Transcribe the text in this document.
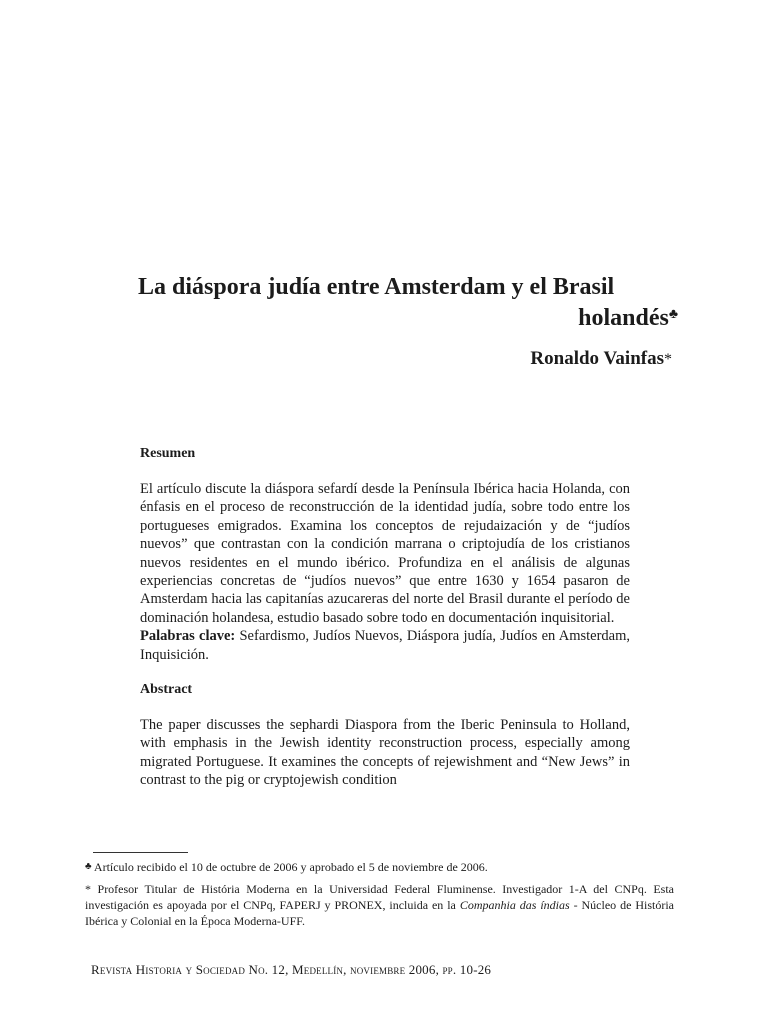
La diáspora judía entre Amsterdam y el Brasil
holandés♣
Ronaldo Vainfas*
Resumen

El artículo discute la diáspora sefardí desde la Península Ibérica hacia Holanda, con énfasis en el proceso de reconstrucción de la identidad judía, sobre todo entre los portugueses emigrados. Examina los conceptos de rejudaización y de “judíos nuevos” que contrastan con la condición marrana o criptojudía de los cristianos nuevos residentes en el mundo ibérico. Profundiza en el análisis de algunas experiencias concretas de “judíos nuevos” que entre 1630 y 1654 pasaron de Amsterdam hacia las capitanías azucareras del norte del Brasil durante el período de dominación holandesa, estudio basado sobre todo en documentación inquisitorial.

Palabras clave: Sefardismo, Judíos Nuevos, Diáspora judía, Judíos en Amsterdam, Inquisición.

Abstract

The paper discusses the sephardi Diaspora from the Iberic Peninsula to Holland, with emphasis in the Jewish identity reconstruction process, especially among migrated Portuguese. It examines the concepts of rejewishment and “New Jews” in contrast to the pig or cryptojewish condition

♣ Artículo recibido el 10 de octubre de 2006 y aprobado el 5 de noviembre de 2006.

* Profesor Titular de História Moderna en la Universidad Federal Fluminense. Investigador 1-A del CNPq. Esta investigación es apoyada por el CNPq, FAPERJ y PRONEX, incluida en la Companhia das índias - Núcleo de História Ibérica y Colonial en la Época Moderna-UFF.

Revista Historia y Sociedad No. 12, Medellín, noviembre 2006, pp. 10-26
